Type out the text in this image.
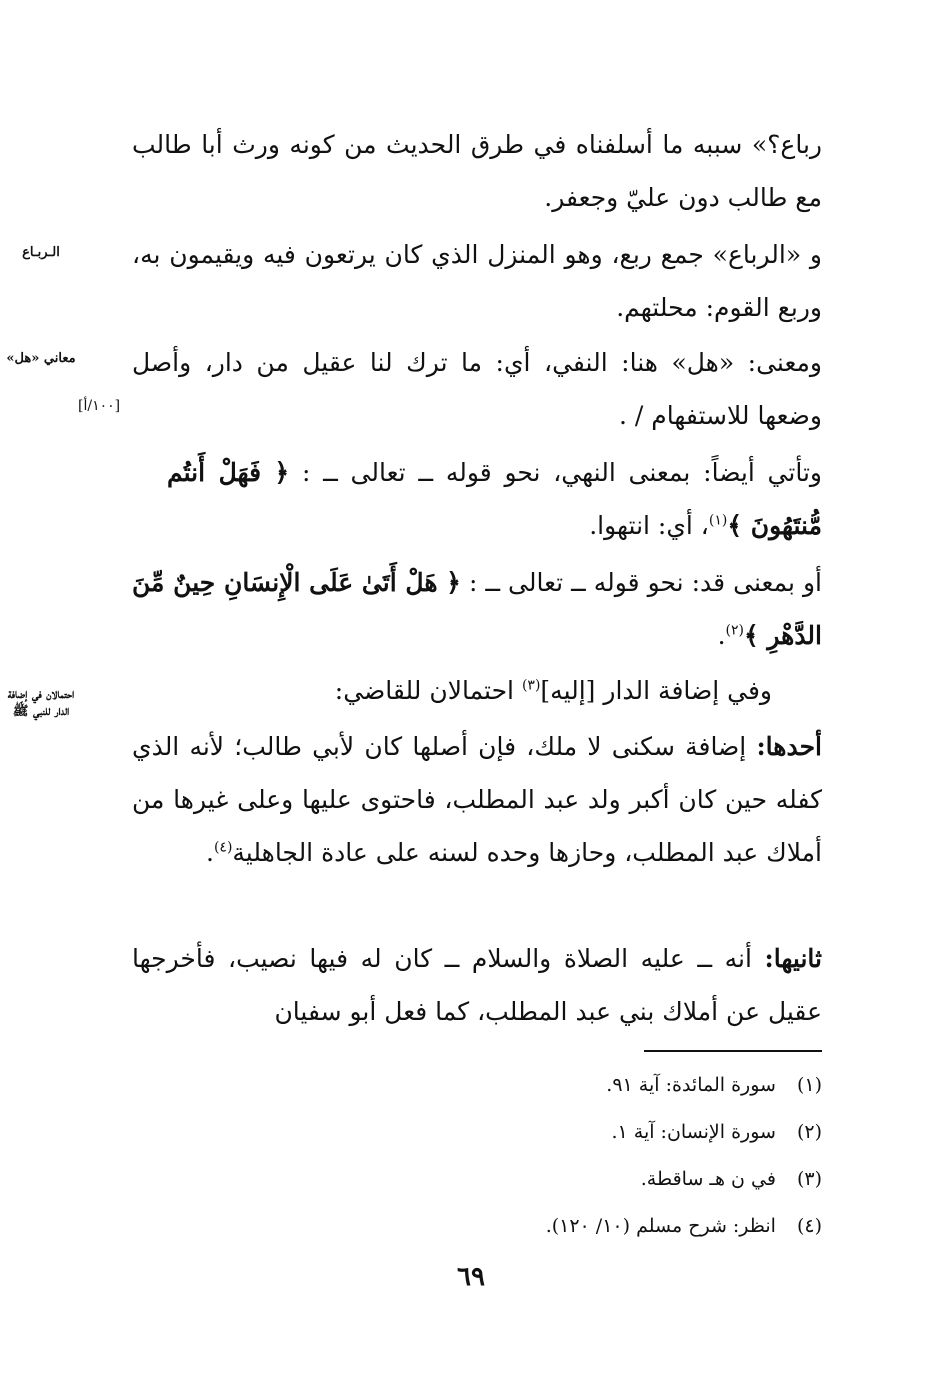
رباع؟» سببه ما أسلفناه في طرق الحديث من كونه ورث أبا طالب مع طالب دون عليّ وجعفر.

و «الرباع» جمع ربع، وهو المنزل الذي كان يرتعون فيه ويقيمون به، وربع القوم: محلتهم.

الـربـاع

ومعنى: «هل» هنا: النفي، أي: ما ترك لنا عقيل من دار، وأصل وضعها للاستفهام / .

معاني «هل»
[١٠٠/أ]

وتأتي أيضاً: بمعنى النهي، نحو قوله ــ تعالى ــ : ﴿ فَهَلْ أَنتُم مُّنتَهُونَ ﴾$^{(١)}$، أي: انتهوا.

أو بمعنى قد: نحو قوله ــ تعالى ــ : ﴿ هَلْ أَتَىٰ عَلَى الْإِنسَانِ حِينٌ مِّنَ الدَّهْرِ ﴾$^{(٢)}$.

وفي إضافة الدار [إليه]$^{(٣)}$ احتمالان للقاضي:

احتمالان في إضافة الدار للنبي ﷺ

أحدها: إضافة سكنى لا ملك، فإن أصلها كان لأبي طالب؛ لأنه الذي كفله حين كان أكبر ولد عبد المطلب، فاحتوى عليها وعلى غيرها من أملاك عبد المطلب، وحازها وحده لسنه على عادة الجاهلية$^{(٤)}$.

ثانيها: أنه ــ عليه الصلاة والسلام ــ كان له فيها نصيب، فأخرجها عقيل عن أملاك بني عبد المطلب، كما فعل أبو سفيان

(١) سورة المائدة: آية ٩١.
(٢) سورة الإنسان: آية ١.
(٣) في ن هـ ساقطة.
(٤) انظر: شرح مسلم (١٠/ ١٢٠).
٦٩
